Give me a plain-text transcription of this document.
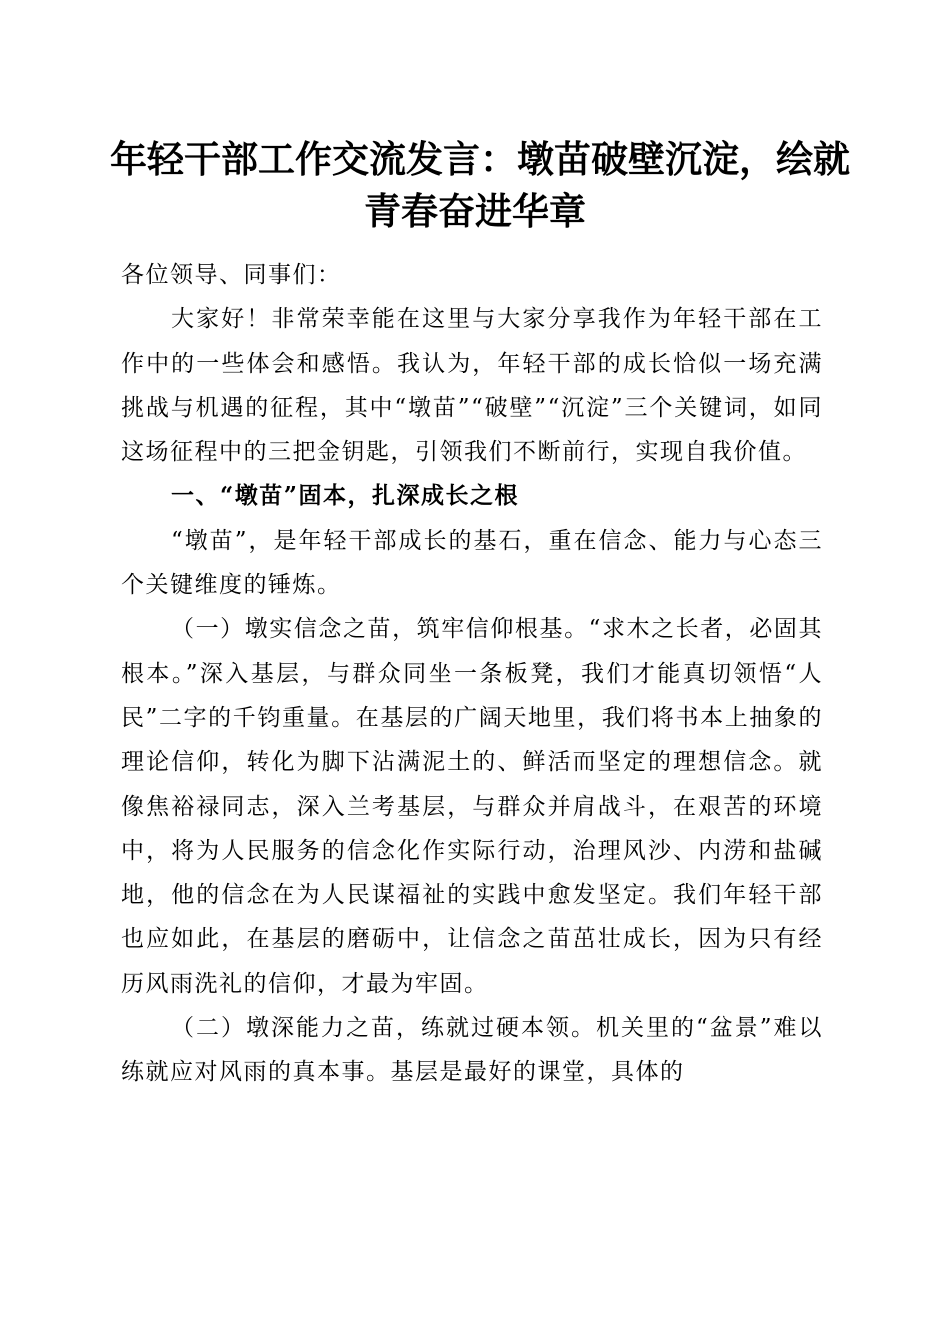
年轻干部工作交流发言：墩苗破壁沉淀，绘就
青春奋进华章

各位领导、同事们：

大家好！非常荣幸能在这里与大家分享我作为年轻干部在工作中的一些体会和感悟。我认为，年轻干部的成长恰似一场充满挑战与机遇的征程，其中“墩苗”“破壁”“沉淀”三个关键词，如同这场征程中的三把金钥匙，引领我们不断前行，实现自我价值。

一、“墩苗”固本，扎深成长之根

“墩苗”，是年轻干部成长的基石，重在信念、能力与心态三个关键维度的锤炼。

（一）墩实信念之苗，筑牢信仰根基。“求木之长者，必固其根本。”深入基层，与群众同坐一条板凳，我们才能真切领悟“人民”二字的千钧重量。在基层的广阔天地里，我们将书本上抽象的理论信仰，转化为脚下沾满泥土的、鲜活而坚定的理想信念。就像焦裕禄同志，深入兰考基层，与群众并肩战斗，在艰苦的环境中，将为人民服务的信念化作实际行动，治理风沙、内涝和盐碱地，他的信念在为人民谋福祉的实践中愈发坚定。我们年轻干部也应如此，在基层的磨砺中，让信念之苗茁壮成长，因为只有经历风雨洗礼的信仰，才最为牢固。

（二）墩深能力之苗，练就过硬本领。机关里的“盆景”难以练就应对风雨的真本事。基层是最好的课堂，具体的
